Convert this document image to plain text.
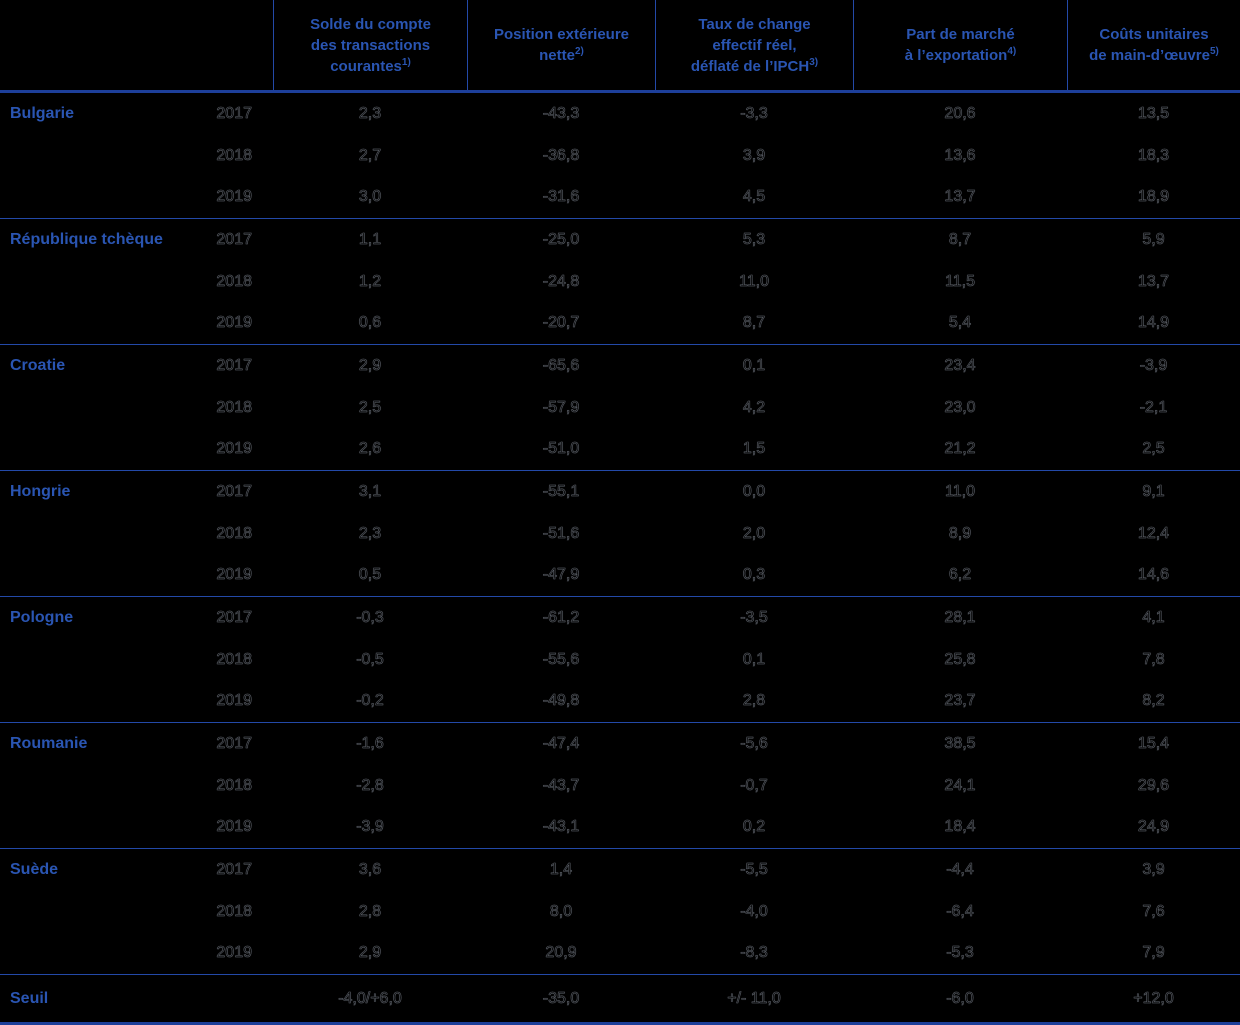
Solde du compte
des transactions
courantes$^{1)}$
Position extérieure
nette$^{2)}$
Taux de change
effectif réel,
déflaté de l’IPCH$^{3)}$
Part de marché
à l’exportation$^{4)}$
Coûts unitaires
de main-d’œuvre$^{5)}$
Bulgarie	2017	2,3	-43,3	-3,3	20,6	13,5
2018	2,7	-36,8	3,9	13,6	18,3
2019	3,0	-31,6	4,5	13,7	18,9
République tchèque	2017	1,1	-25,0	5,3	8,7	5,9
2018	1,2	-24,8	11,0	11,5	13,7
2019	0,6	-20,7	8,7	5,4	14,9
Croatie	2017	2,9	-65,6	0,1	23,4	-3,9
2018	2,5	-57,9	4,2	23,0	-2,1
2019	2,6	-51,0	1,5	21,2	2,5
Hongrie	2017	3,1	-55,1	0,0	11,0	9,1
2018	2,3	-51,6	2,0	8,9	12,4
2019	0,5	-47,9	0,3	6,2	14,6
Pologne	2017	-0,3	-61,2	-3,5	28,1	4,1
2018	-0,5	-55,6	0,1	25,8	7,8
2019	-0,2	-49,8	2,8	23,7	8,2
Roumanie	2017	-1,6	-47,4	-5,6	38,5	15,4
2018	-2,8	-43,7	-0,7	24,1	29,6
2019	-3,9	-43,1	0,2	18,4	24,9
Suède	2017	3,6	1,4	-5,5	-4,4	3,9
2018	2,8	8,0	-4,0	-6,4	7,6
2019	2,9	20,9	-8,3	-5,3	7,9
Seuil	-4,0/+6,0	-35,0	+/- 11,0	-6,0	+12,0
